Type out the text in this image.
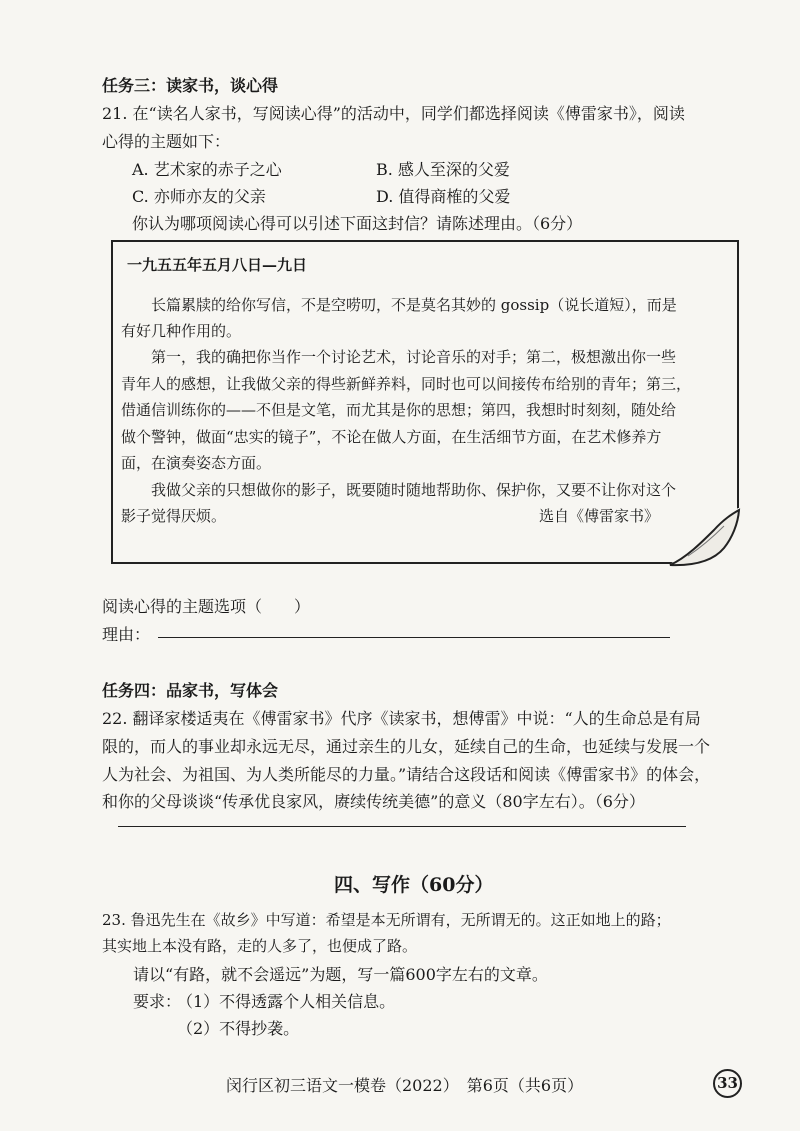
任务三：读家书，谈心得
21. 在“读名人家书，写阅读心得”的活动中，同学们都选择阅读《傅雷家书》，阅读
心得的主题如下：
A. 艺术家的赤子之心	B. 感人至深的父爱
C. 亦师亦友的父亲	D. 值得商榷的父爱
你认为哪项阅读心得可以引述下面这封信？请陈述理由。（6分）
一九五五年五月八日—九日
长篇累牍的给你写信，不是空唠叨，不是莫名其妙的 gossip（说长道短），而是
有好几种作用的。
第一，我的确把你当作一个讨论艺术，讨论音乐的对手；第二，极想激出你一些
青年人的感想，让我做父亲的得些新鲜养料，同时也可以间接传布给别的青年；第三，
借通信训练你的——不但是文笔，而尤其是你的思想；第四，我想时时刻刻，随处给
做个警钟，做面“忠实的镜子”，不论在做人方面，在生活细节方面，在艺术修养方
面，在演奏姿态方面。
我做父亲的只想做你的影子，既要随时随地帮助你、保护你，又要不让你对这个
影子觉得厌烦。	选自《傅雷家书》
阅读心得的主题选项（　　）
理由：
任务四：品家书，写体会
22. 翻译家楼适夷在《傅雷家书》代序《读家书，想傅雷》中说：“人的生命总是有局
限的，而人的事业却永远无尽，通过亲生的儿女，延续自己的生命，也延续与发展一个
人为社会、为祖国、为人类所能尽的力量。”请结合这段话和阅读《傅雷家书》的体会，
和你的父母谈谈“传承优良家风，赓续传统美德”的意义（80字左右）。（6分）
四、写作（60分）
23. 鲁迅先生在《故乡》中写道：希望是本无所谓有，无所谓无的。这正如地上的路；
其实地上本没有路，走的人多了，也便成了路。
请以“有路，就不会遥远”为题，写一篇600字左右的文章。
要求：
（1）不得透露个人相关信息。
（2）不得抄袭。
闵行区初三语文一模卷（2022）　第6页（共6页）	33
